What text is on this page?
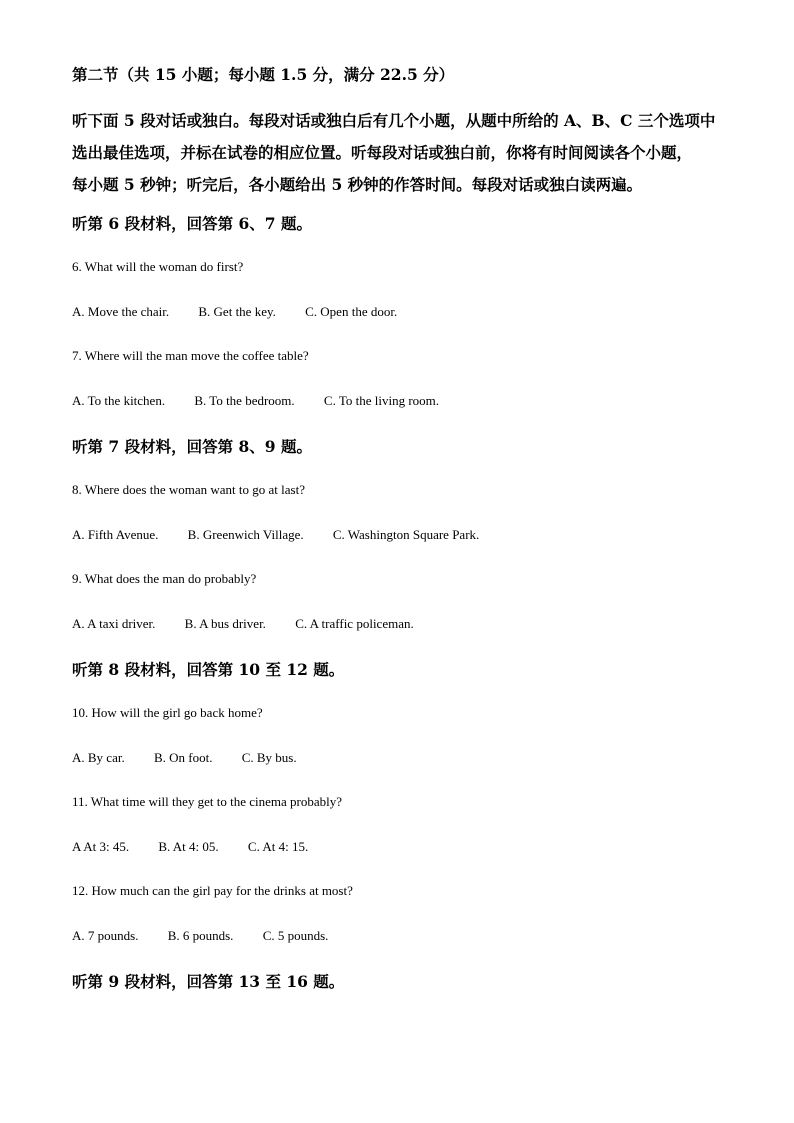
第二节（共 15 小题；每小题 1.5 分，满分 22.5 分）
听下面 5 段对话或独白。每段对话或独白后有几个小题，从题中所给的 A、B、C 三个选项中
选出最佳选项，并标在试卷的相应位置。听每段对话或独白前，你将有时间阅读各个小题，
每小题 5 秒钟；听完后，各小题给出 5 秒钟的作答时间。每段对话或独白读两遍。
听第 6 段材料，回答第 6、7 题。
6. What will the woman do first?
A. Move the chair. B. Get the key. C. Open the door.
7. Where will the man move the coffee table?
A. To the kitchen. B. To the bedroom. C. To the living room.
听第 7 段材料，回答第 8、9 题。
8. Where does the woman want to go at last?
A. Fifth Avenue. B. Greenwich Village. C. Washington Square Park.
9. What does the man do probably?
A. A taxi driver. B. A bus driver. C. A traffic policeman.
听第 8 段材料，回答第 10 至 12 题。
10. How will the girl go back home?
A. By car. B. On foot. C. By bus.
11. What time will they get to the cinema probably?
A At 3: 45. B. At 4: 05. C. At 4: 15.
12. How much can the girl pay for the drinks at most?
A. 7 pounds. B. 6 pounds. C. 5 pounds.
听第 9 段材料，回答第 13 至 16 题。
